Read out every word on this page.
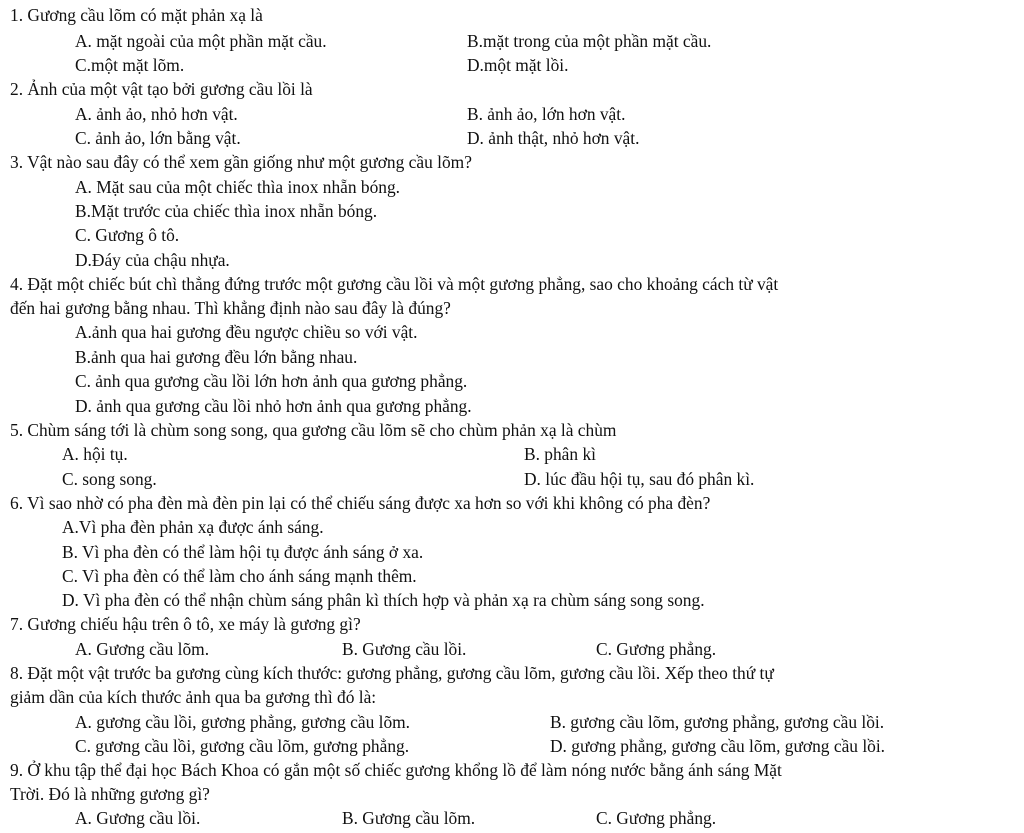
1. Gương cầu lõm có mặt phản xạ là
A. mặt ngoài của một phần mặt cầu.	B.mặt trong của một phần mặt cầu.
C.một mặt lõm.	D.một mặt lồi.
2. Ảnh của một vật tạo bởi gương cầu lồi là
A. ảnh ảo, nhỏ hơn vật.	B. ảnh ảo, lớn hơn vật.
C. ảnh ảo, lớn bằng vật.	D. ảnh thật, nhỏ hơn vật.
3. Vật nào sau đây có thể xem gần giống như một gương cầu lõm?
A. Mặt sau của một chiếc thìa inox nhẵn bóng.
B.Mặt trước của chiếc thìa inox nhẵn bóng.
C. Gương ô tô.
D.Đáy của chậu nhựa.
4. Đặt một chiếc bút chì thẳng đứng trước một gương cầu lồi và một gương phẳng, sao cho khoảng cách từ vật
đến hai gương bằng nhau. Thì khẳng định nào sau đây là đúng?
A.ảnh qua hai gương đều ngược chiều so với vật.
B.ảnh qua hai gương đều lớn bằng nhau.
C. ảnh qua gương cầu lồi lớn hơn ảnh qua gương phẳng.
D. ảnh qua gương cầu lồi nhỏ hơn ảnh qua gương phẳng.
5. Chùm sáng tới là chùm song song, qua gương cầu lõm sẽ cho chùm phản xạ là chùm
A. hội tụ.	B. phân kì
C. song song.	D. lúc đầu hội tụ, sau đó phân kì.
6. Vì sao nhờ có pha đèn mà đèn pin lại có thể chiếu sáng được xa hơn so với khi không có pha đèn?
A.Vì pha đèn phản xạ được ánh sáng.
B. Vì pha đèn có thể làm hội tụ được ánh sáng ở xa.
C. Vì pha đèn có thể làm cho ánh sáng mạnh thêm.
D. Vì pha đèn có thể nhận chùm sáng phân kì thích hợp và phản xạ ra chùm sáng song song.
7. Gương chiếu hậu trên ô tô, xe máy là gương gì?
A. Gương cầu lõm.	B. Gương cầu lồi.	C. Gương phẳng.
8. Đặt một vật trước ba gương cùng kích thước: gương phẳng, gương cầu lõm, gương cầu lồi. Xếp theo thứ tự
giảm dần của kích thước ảnh qua ba gương thì đó là:
A. gương cầu lồi, gương phẳng, gương cầu lõm.	B. gương cầu lõm, gương phẳng, gương cầu lồi.
C. gương cầu lồi, gương cầu lõm, gương phẳng.	D. gương phẳng, gương cầu lõm, gương cầu lồi.
9. Ở khu tập thể đại học Bách Khoa có gắn một số chiếc gương khổng lồ để làm nóng nước bằng ánh sáng Mặt
Trời. Đó là những gương gì?
A. Gương cầu lồi.	B. Gương cầu lõm.	C. Gương phẳng.
